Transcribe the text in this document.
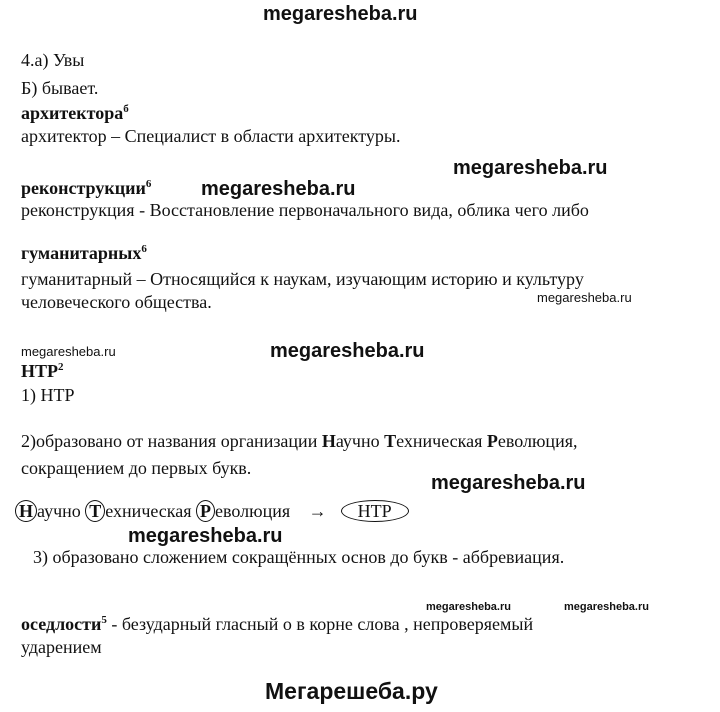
megaresheba.ru
4.а) Увы
Б) бывает.
архитектора$^б$
архитектор – Специалист в области архитектуры.
megaresheba.ru
реконструкции$^6$ megaresheba.ru
реконструкция - Восстановление первоначального вида, облика чего либо
гуманитарных$^6$
гуманитарный – Относящийся к наукам, изучающим историю и культуру
человеческого общества.	megaresheba.ru
megaresheba.ru	megaresheba.ru
НТР$^2$
1) НТР
2)образовано от названия организации Научно Техническая Революция,
сокращением до первых букв.
megaresheba.ru
Н аучно Т ехническая Р еволюция → НТР
megaresheba.ru
3) образовано сложением сокращённых основ до букв - аббревиация.
megaresheba.ru	megaresheba.ru
оседлости$^5$ - безударный гласный о в корне слова , непроверяемый
ударением
Мегарешеба.ру
